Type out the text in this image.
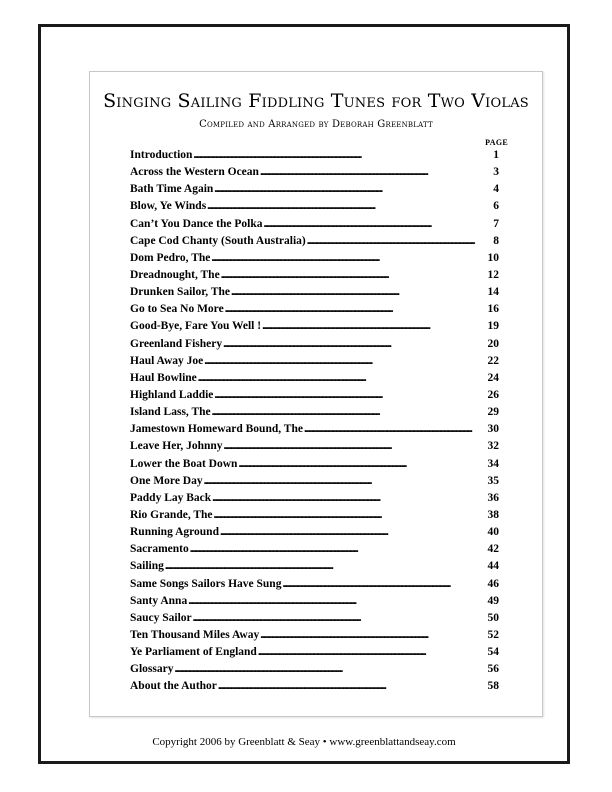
Singing Sailing Fiddling Tunes for Two Violas
Compiled and Arranged by Deborah Greenblatt
PAGE
Introduction . . .	1
Across the Western Ocean . . .	3
Bath Time Again . . .	4
Blow, Ye Winds . . .	6
Can’t You Dance the Polka . . .	7
Cape Cod Chanty (South Australia) . . .	8
Dom Pedro, The . . .	10
Dreadnought, The . . .	12
Drunken Sailor, The . . .	14
Go to Sea No More . . .	16
Good-Bye, Fare You Well ! . . .	19
Greenland Fishery . . .	20
Haul Away Joe . . .	22
Haul Bowline . . .	24
Highland Laddie . . .	26
Island Lass, The . . .	29
Jamestown Homeward Bound, The . . .	30
Leave Her, Johnny . . .	32
Lower the Boat Down . . .	34
One More Day . . .	35
Paddy Lay Back . . .	36
Rio Grande, The . . .	38
Running Aground . . .	40
Sacramento . . .	42
Sailing . . .	44
Same Songs Sailors Have Sung . . .	46
Santy Anna . . .	49
Saucy Sailor . . .	50
Ten Thousand Miles Away . . .	52
Ye Parliament of England . . .	54
Glossary . . .	56
About the Author . . .	58
Copyright 2006 by Greenblatt & Seay • www.greenblattandseay.com
